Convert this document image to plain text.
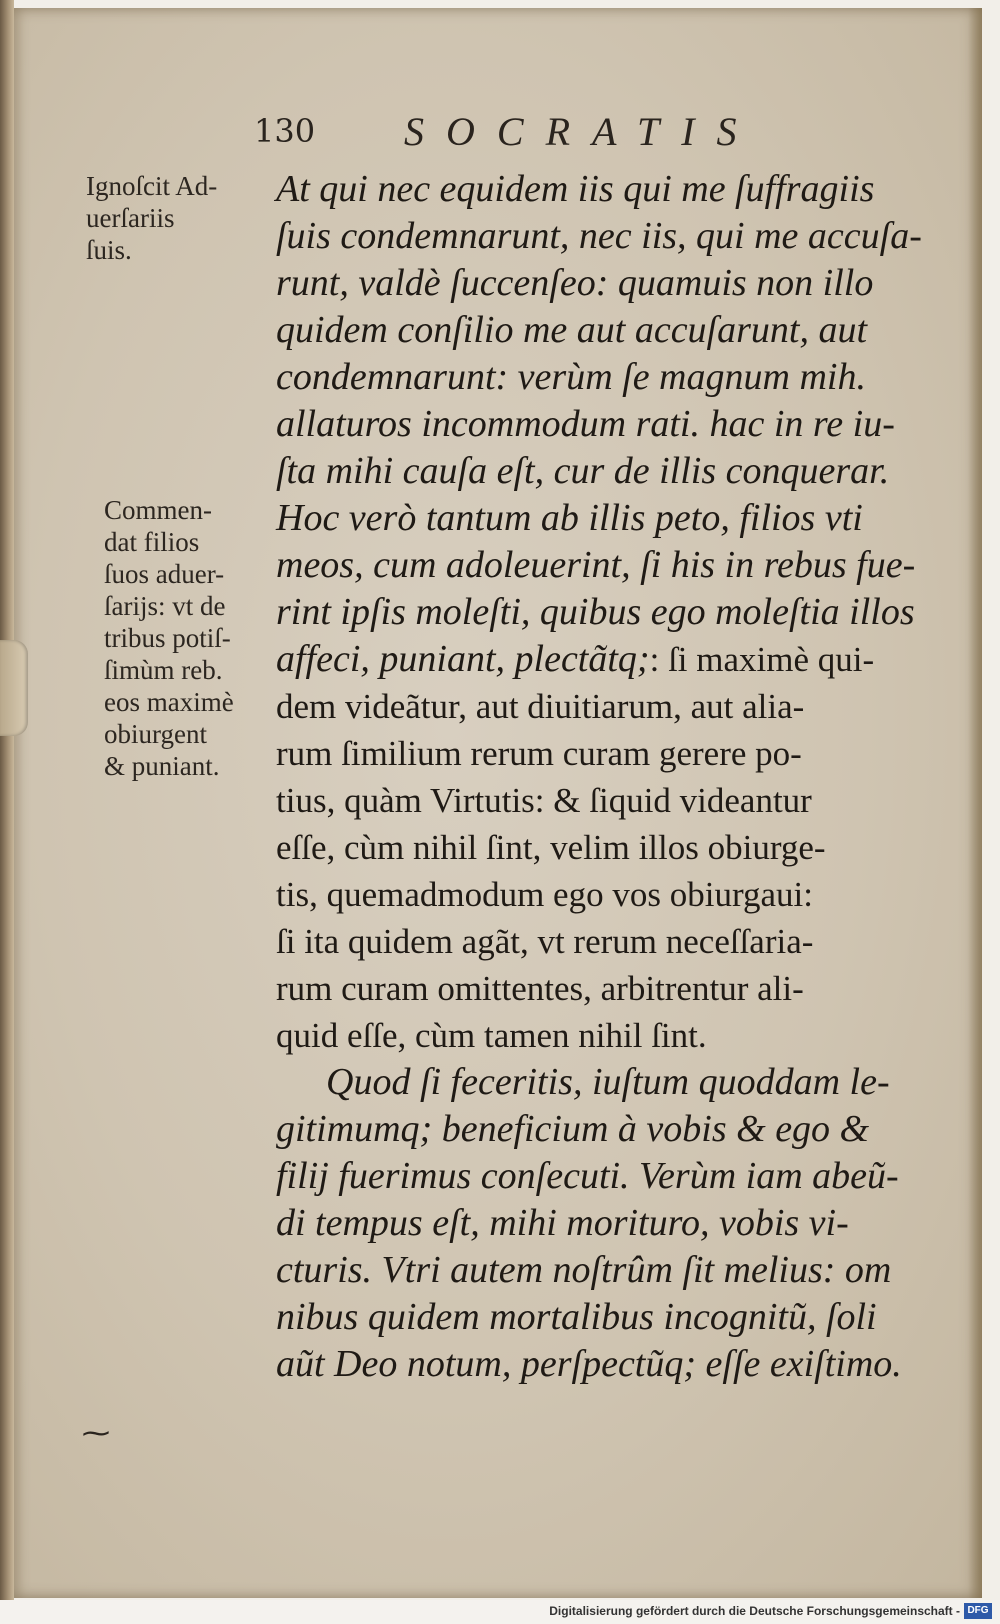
130 SOCRATIS
Ignoſcit Ad-
uerſariis
ſuis.
Commen-
dat filios
ſuos aduer-
ſarijs: vt de
tribus potiſ-
ſimùm reb.
eos maximè
obiurgent
& puniant.
At qui nec equidem iis qui me ſuffragiis
ſuis condemnarunt, nec iis, qui me accuſa-
runt, valdè ſuccenſeo: quamuis non illo
quidem conſilio me aut accuſarunt, aut
condemnarunt: verùm ſe magnum mih.
allaturos incommodum rati. hac in re iu-
ſta mihi cauſa eſt, cur de illis conquerar.
Hoc verò tantum ab illis peto, filios vti
meos, cum adoleuerint, ſi his in rebus fue-
rint ipſis moleſti, quibus ego moleſtia illos
affeci, puniant, plectãtq;: ſi maximè qui-
dem videãtur, aut diuitiarum, aut alia-
rum ſimilium rerum curam gerere po-
tius, quàm Virtutis: & ſiquid videantur
eſſe, cùm nihil ſint, velim illos obiurge-
tis, quemadmodum ego vos obiurgaui:
ſi ita quidem agãt, vt rerum neceſſaria-
rum curam omittentes, arbitrentur ali-
quid eſſe, cùm tamen nihil ſint.
Quod ſi feceritis, iuſtum quoddam le-
gitimumq; beneficium à vobis & ego &
filij fuerimus conſecuti. Verùm iam abeũ-
di tempus eſt, mihi morituro, vobis vi-
cturis. Vtri autem noſtrûm ſit melius: om
nibus quidem mortalibus incognitũ, ſoli
aũt Deo notum, perſpectũq; eſſe exiſtimo.
⁓
Digitalisierung gefördert durch die Deutsche Forschungsgemeinschaft - DFG
